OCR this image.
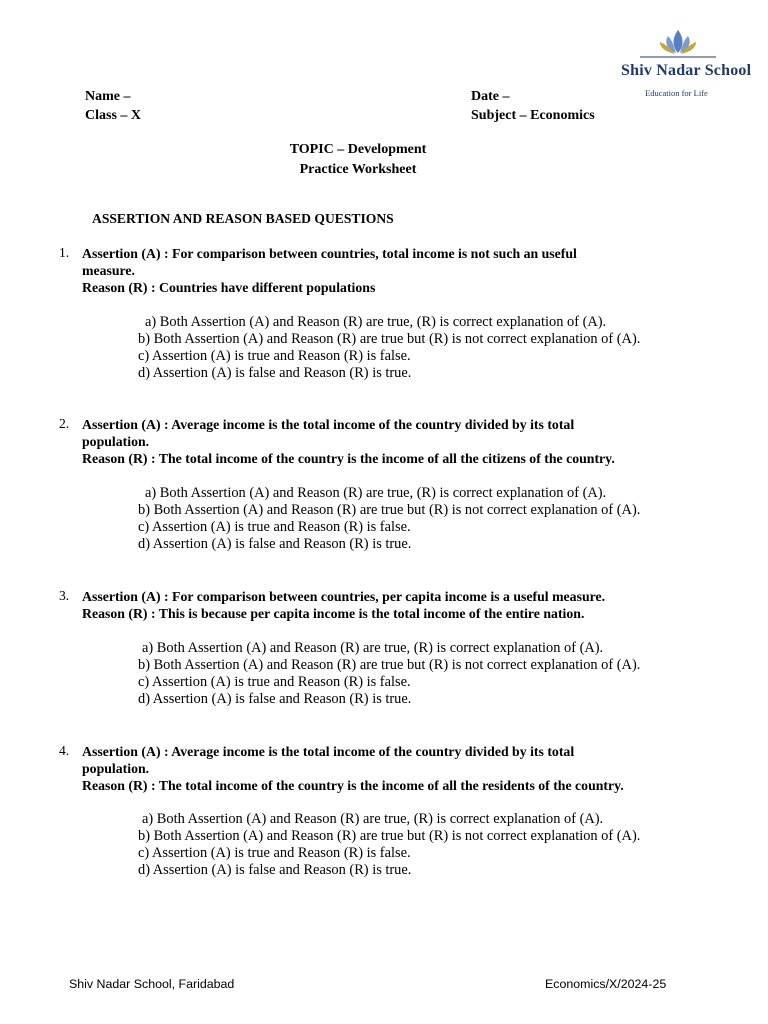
Shiv Nadar School
Education for Life
Name –
Class – X
Date –
Subject – Economics
TOPIC – Development
Practice Worksheet
ASSERTION AND REASON BASED QUESTIONS
1. Assertion (A) : For comparison between countries, total income is not such an useful
measure.
Reason (R) : Countries have different populations
a) Both Assertion (A) and Reason (R) are true, (R) is correct explanation of (A).
b) Both Assertion (A) and Reason (R) are true but (R) is not correct explanation of (A).
c) Assertion (A) is true and Reason (R) is false.
d) Assertion (A) is false and Reason (R) is true.
2. Assertion (A) : Average income is the total income of the country divided by its total
population.
Reason (R) : The total income of the country is the income of all the citizens of the country.
a) Both Assertion (A) and Reason (R) are true, (R) is correct explanation of (A).
b) Both Assertion (A) and Reason (R) are true but (R) is not correct explanation of (A).
c) Assertion (A) is true and Reason (R) is false.
d) Assertion (A) is false and Reason (R) is true.
3. Assertion (A) : For comparison between countries, per capita income is a useful measure.
Reason (R) : This is because per capita income is the total income of the entire nation.
a) Both Assertion (A) and Reason (R) are true, (R) is correct explanation of (A).
b) Both Assertion (A) and Reason (R) are true but (R) is not correct explanation of (A).
c) Assertion (A) is true and Reason (R) is false.
d) Assertion (A) is false and Reason (R) is true.
4. Assertion (A) : Average income is the total income of the country divided by its total
population.
Reason (R) : The total income of the country is the income of all the residents of the country.
a) Both Assertion (A) and Reason (R) are true, (R) is correct explanation of (A).
b) Both Assertion (A) and Reason (R) are true but (R) is not correct explanation of (A).
c) Assertion (A) is true and Reason (R) is false.
d) Assertion (A) is false and Reason (R) is true.
Shiv Nadar School, Faridabad	Economics/X/2024-25
